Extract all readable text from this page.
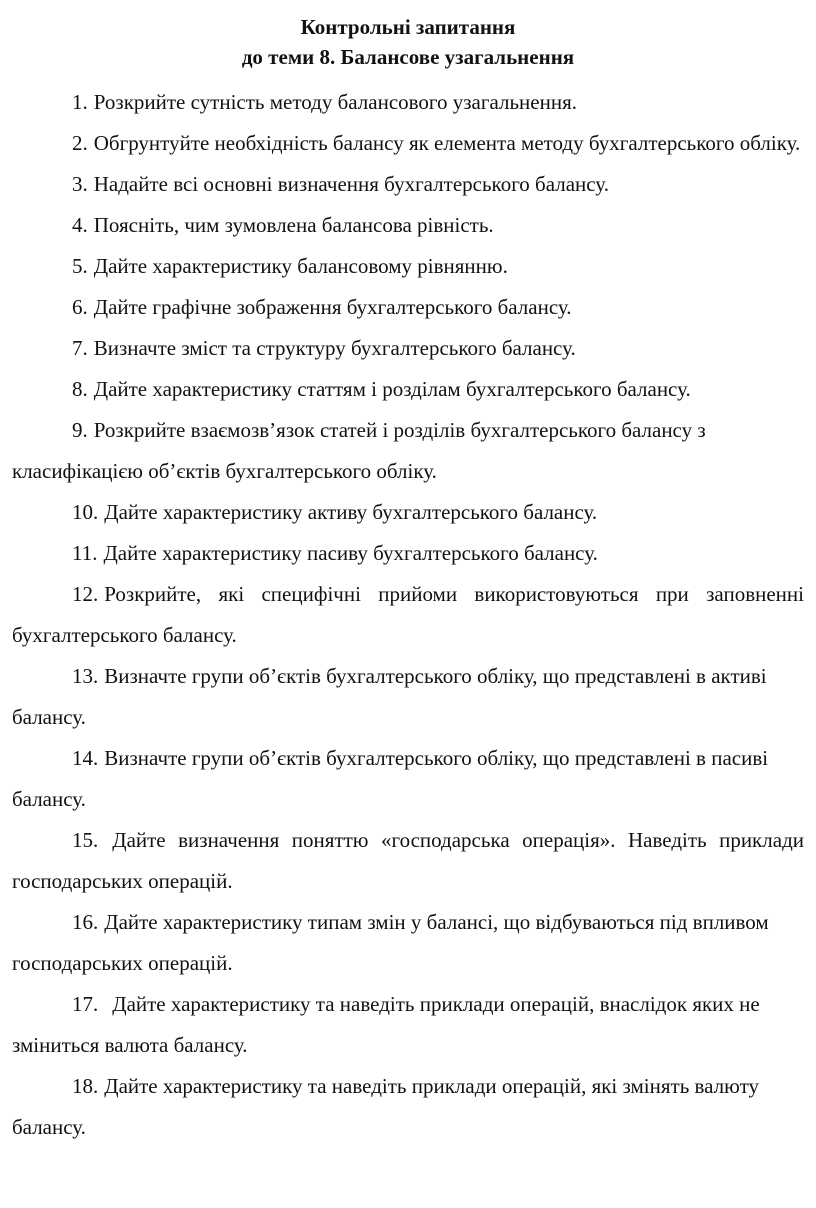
Контрольні запитання
до теми 8. Балансове узагальнення

1. Розкрийте сутність методу балансового узагальнення.

2. Обгрунтуйте необхідність балансу як елемента методу бухгалтерського обліку.

3. Надайте всі основні визначення бухгалтерського балансу.

4. Поясніть, чим зумовлена балансова рівність.

5. Дайте характеристику балансовому рівнянню.

6. Дайте графічне зображення бухгалтерського балансу.

7. Визначте зміст та структуру бухгалтерського балансу.

8. Дайте характеристику статтям і розділам бухгалтерського балансу.

9. Розкрийте взаємозв’язок статей і розділів бухгалтерського балансу з класифікацією об’єктів бухгалтерського обліку.

10. Дайте характеристику активу бухгалтерського балансу.

11. Дайте характеристику пасиву бухгалтерського балансу.

12. Розкрийте, які специфічні прийоми використовуються при заповненні бухгалтерського балансу.

13. Визначте групи об’єктів бухгалтерського обліку, що представлені в активі балансу.

14. Визначте групи об’єктів бухгалтерського обліку, що представлені в пасиві балансу.

15. Дайте визначення поняттю «господарська операція». Наведіть приклади господарських операцій.

16. Дайте характеристику типам змін у балансі, що відбуваються під впливом господарських операцій.

17. Дайте характеристику та наведіть приклади операцій, внаслідок яких не зміниться валюта балансу.

18. Дайте характеристику та наведіть приклади операцій, які змінять валюту балансу.
